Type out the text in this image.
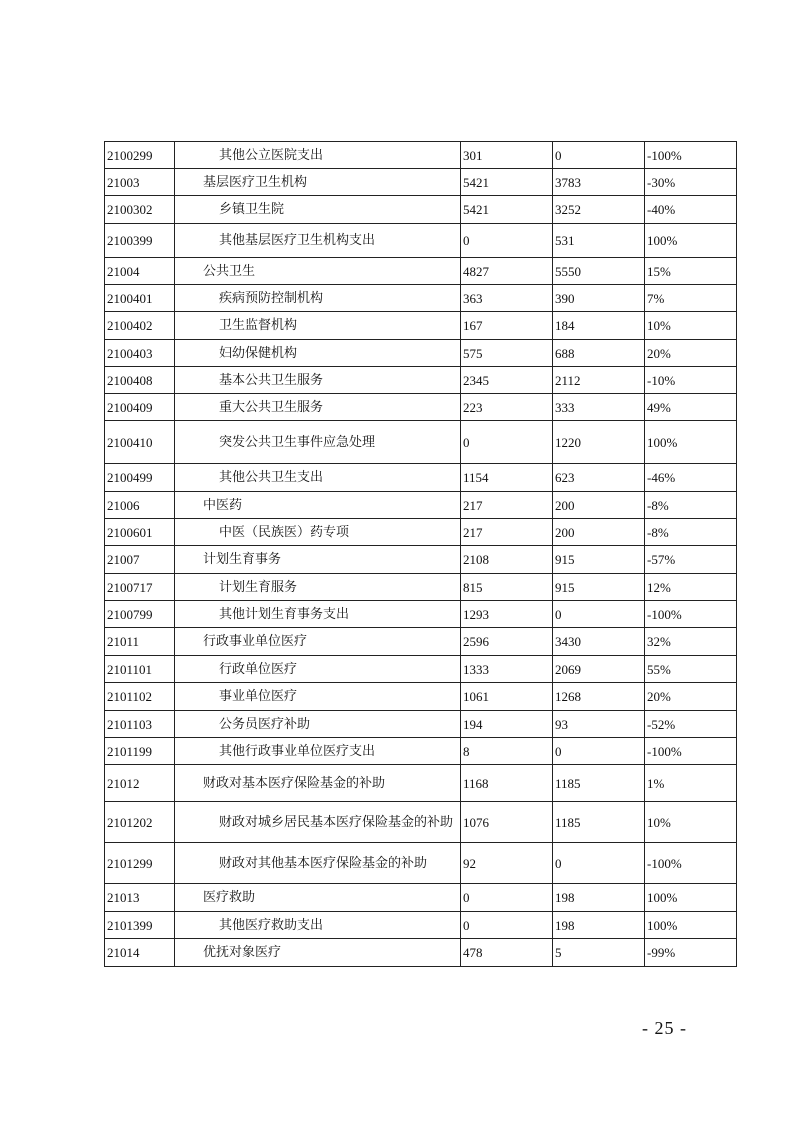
2100299	其他公立医院支出	301	0	-100%
21003	基层医疗卫生机构	5421	3783	-30%
2100302	乡镇卫生院	5421	3252	-40%
2100399	其他基层医疗卫生机构支出	0	531	100%
21004	公共卫生	4827	5550	15%
2100401	疾病预防控制机构	363	390	7%
2100402	卫生监督机构	167	184	10%
2100403	妇幼保健机构	575	688	20%
2100408	基本公共卫生服务	2345	2112	-10%
2100409	重大公共卫生服务	223	333	49%
2100410	突发公共卫生事件应急处理	0	1220	100%
2100499	其他公共卫生支出	1154	623	-46%
21006	中医药	217	200	-8%
2100601	中医（民族医）药专项	217	200	-8%
21007	计划生育事务	2108	915	-57%
2100717	计划生育服务	815	915	12%
2100799	其他计划生育事务支出	1293	0	-100%
21011	行政事业单位医疗	2596	3430	32%
2101101	行政单位医疗	1333	2069	55%
2101102	事业单位医疗	1061	1268	20%
2101103	公务员医疗补助	194	93	-52%
2101199	其他行政事业单位医疗支出	8	0	-100%
21012	财政对基本医疗保险基金的补助	1168	1185	1%
2101202	财政对城乡居民基本医疗保险基金的补助	1076	1185	10%
2101299	财政对其他基本医疗保险基金的补助	92	0	-100%
21013	医疗救助	0	198	100%
2101399	其他医疗救助支出	0	198	100%
21014	优抚对象医疗	478	5	-99%
- 25 -
